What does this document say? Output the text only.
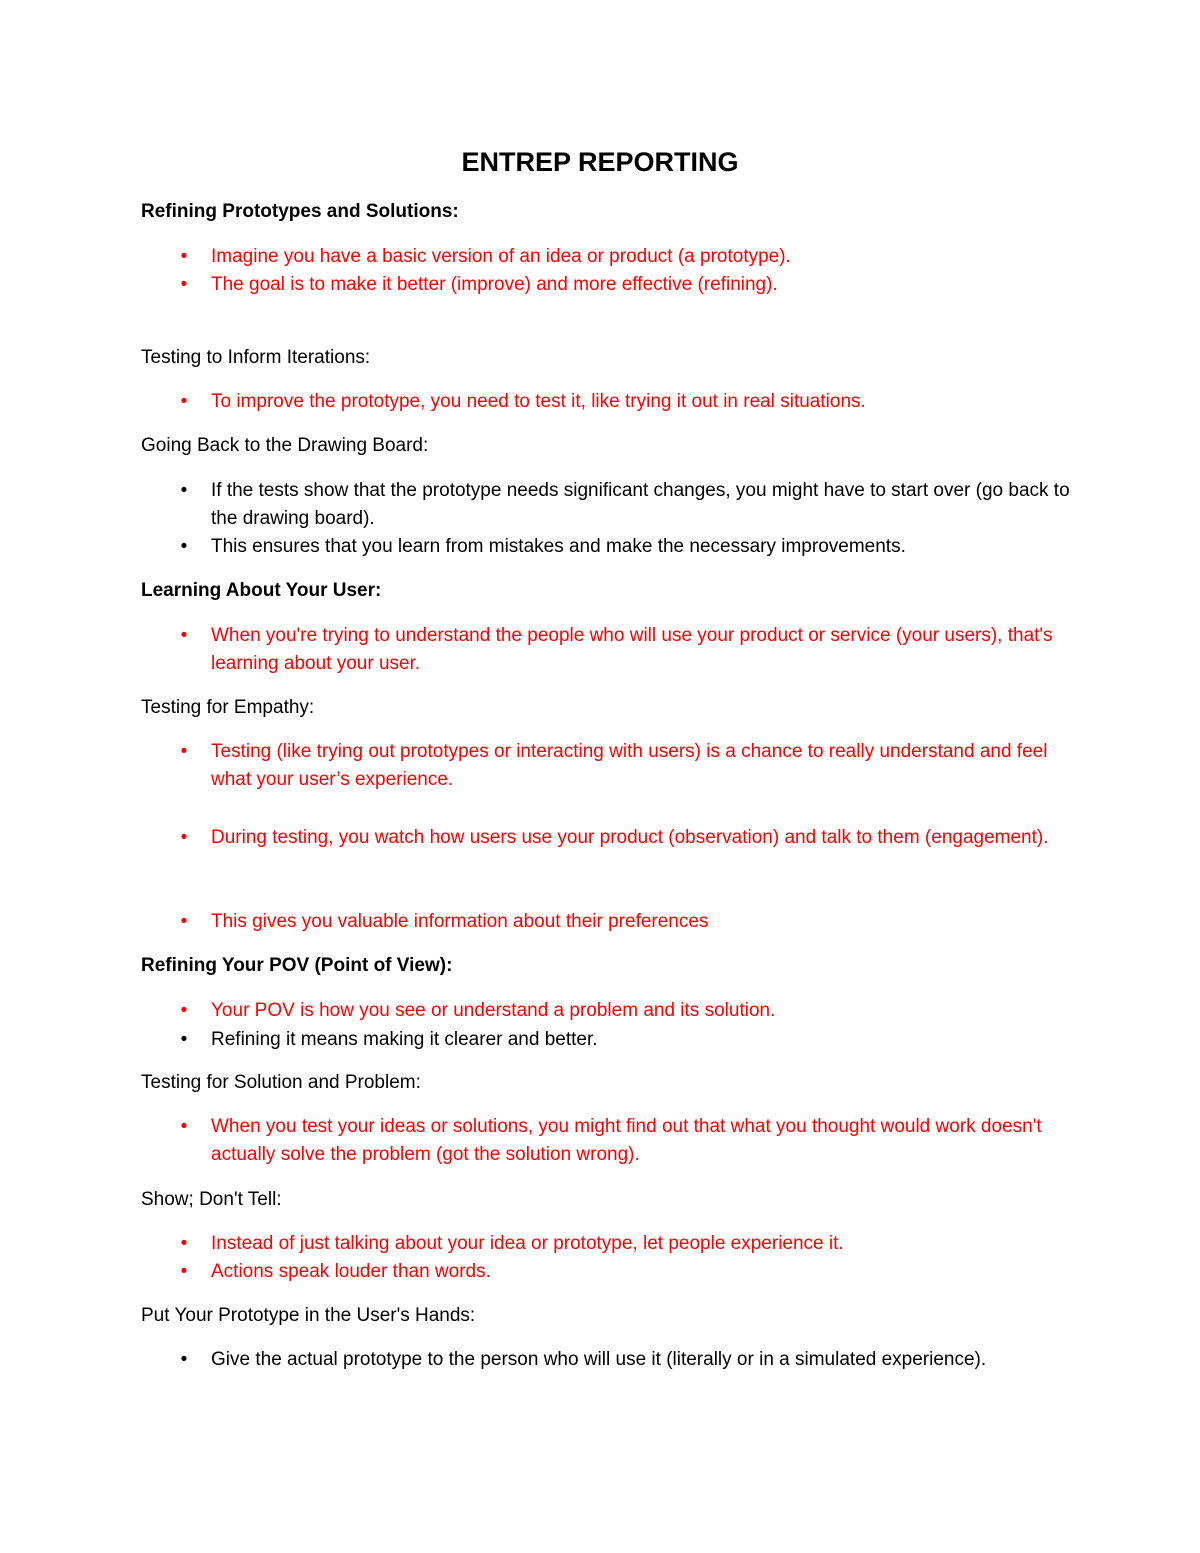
ENTREP REPORTING

Refining Prototypes and Solutions:

•	Imagine you have a basic version of an idea or product (a prototype).
•	The goal is to make it better (improve) and more effective (refining).

Testing to Inform Iterations:

•	To improve the prototype, you need to test it, like trying it out in real situations.

Going Back to the Drawing Board:

•	If the tests show that the prototype needs significant changes, you might have to start over (go back to the drawing board).
•	This ensures that you learn from mistakes and make the necessary improvements.

Learning About Your User:

•	When you're trying to understand the people who will use your product or service (your users), that's learning about your user.

Testing for Empathy:

•	Testing (like trying out prototypes or interacting with users) is a chance to really understand and feel what your user’s experience.
•	During testing, you watch how users use your product (observation) and talk to them (engagement).
•	This gives you valuable information about their preferences

Refining Your POV (Point of View):

•	Your POV is how you see or understand a problem and its solution.
•	Refining it means making it clearer and better.

Testing for Solution and Problem:

•	When you test your ideas or solutions, you might find out that what you thought would work doesn't actually solve the problem (got the solution wrong).

Show; Don't Tell:

•	Instead of just talking about your idea or prototype, let people experience it.
•	Actions speak louder than words.

Put Your Prototype in the User's Hands:

•	Give the actual prototype to the person who will use it (literally or in a simulated experience).
